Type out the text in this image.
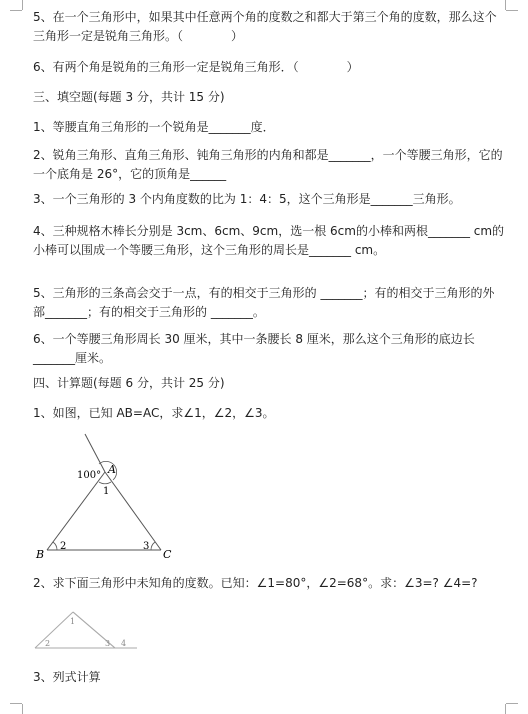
5、在一个三角形中，如果其中任意两个角的度数之和都大于第三个角的度数，那么这个三角形一定是锐角三角形。（　　　　）
6、有两个角是锐角的三角形一定是锐角三角形．（　　　　）
三、填空题(每题 3 分，共计 15 分)
1、等腰直角三角形的一个锐角是_______度．
2、锐角三角形、直角三角形、钝角三角形的内角和都是_______，一个等腰三角形，它的一个底角是 26°，它的顶角是______
3、一个三角形的 3 个内角度数的比为 1：4：5，这个三角形是_______三角形。
4、三种规格木棒长分别是 3cm、6cm、9cm，选一根 6cm的小棒和两根_______ cm的小棒可以围成一个等腰三角形，这个三角形的周长是_______ cm。
5、三角形的三条高会交于一点，有的相交于三角形的 _______；有的相交于三角形的外部_______；有的相交于三角形的 _______。
6、一个等腰三角形周长 30 厘米，其中一条腰长 8 厘米，那么这个三角形的底边长_______厘米。
四、计算题(每题 6 分，共计 25 分)
1、如图，已知 AB=AC，求∠1，∠2，∠3。
100° A
B	C
1
2	3
2、求下面三角形中未知角的度数。已知：∠1=80°，∠2=68°。求：∠3=? ∠4=?
1
2	3 4
3、列式计算
